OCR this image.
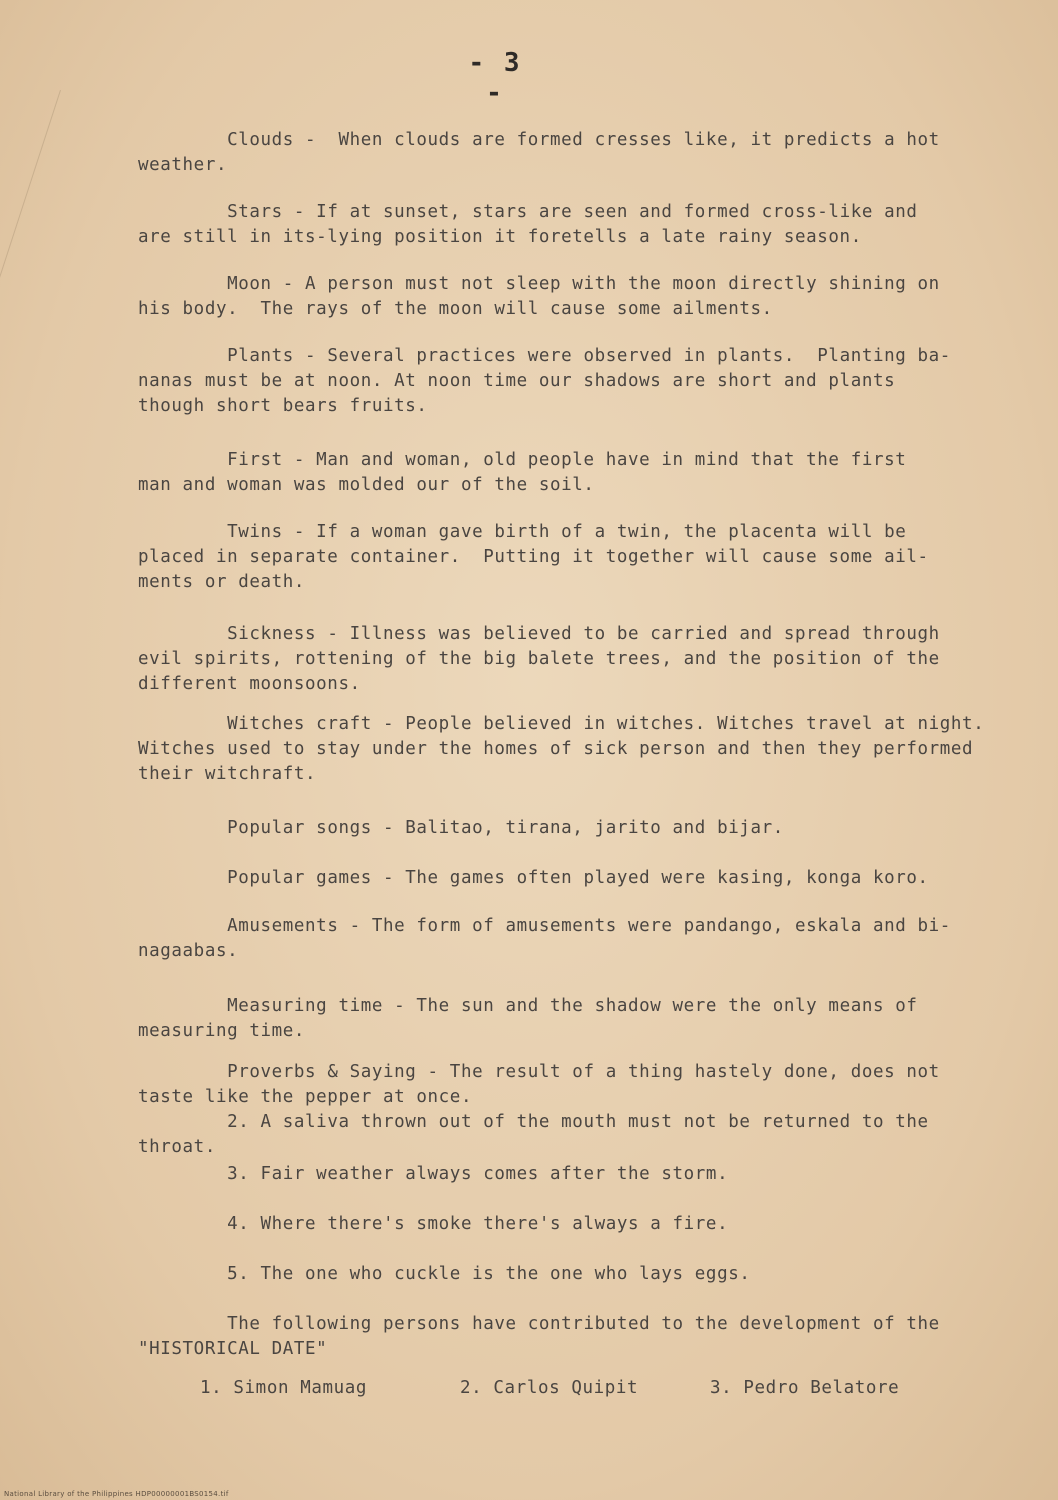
- 3 -

Clouds -  When clouds are formed cresses like, it predicts a hot
weather.

Stars - If at sunset, stars are seen and formed cross-like and
are still in its-lying position it foretells a late rainy season.

Moon - A person must not sleep with the moon directly shining on
his body.  The rays of the moon will cause some ailments.

Plants - Several practices were observed in plants.  Planting ba-
nanas must be at noon. At noon time our shadows are short and plants
though short bears fruits.

First - Man and woman, old people have in mind that the first
man and woman was molded our of the soil.

Twins - If a woman gave birth of a twin, the placenta will be
placed in separate container.  Putting it together will cause some ail-
ments or death.

Sickness - Illness was believed to be carried and spread through
evil spirits, rottening of the big balete trees, and the position of the
different moonsoons.

Witches craft - People believed in witches. Witches travel at night.
Witches used to stay under the homes of sick person and then they performed
their witchraft.

Popular songs - Balitao, tirana, jarito and bijar.

Popular games - The games often played were kasing, konga koro.

Amusements - The form of amusements were pandango, eskala and bi-
nagaabas.

Measuring time - The sun and the shadow were the only means of
measuring time.

Proverbs & Saying - The result of a thing hastely done, does not
taste like the pepper at once.

2. A saliva thrown out of the mouth must not be returned to the
throat.

3. Fair weather always comes after the storm.

4. Where there's smoke there's always a fire.

5. The one who cuckle is the one who lays eggs.

The following persons have contributed to the development of the
"HISTORICAL DATE"

1. Simon Mamuag	2. Carlos Quipit	3. Pedro Belatore
National Library of the Philippines HDP00000001BS0154.tif
